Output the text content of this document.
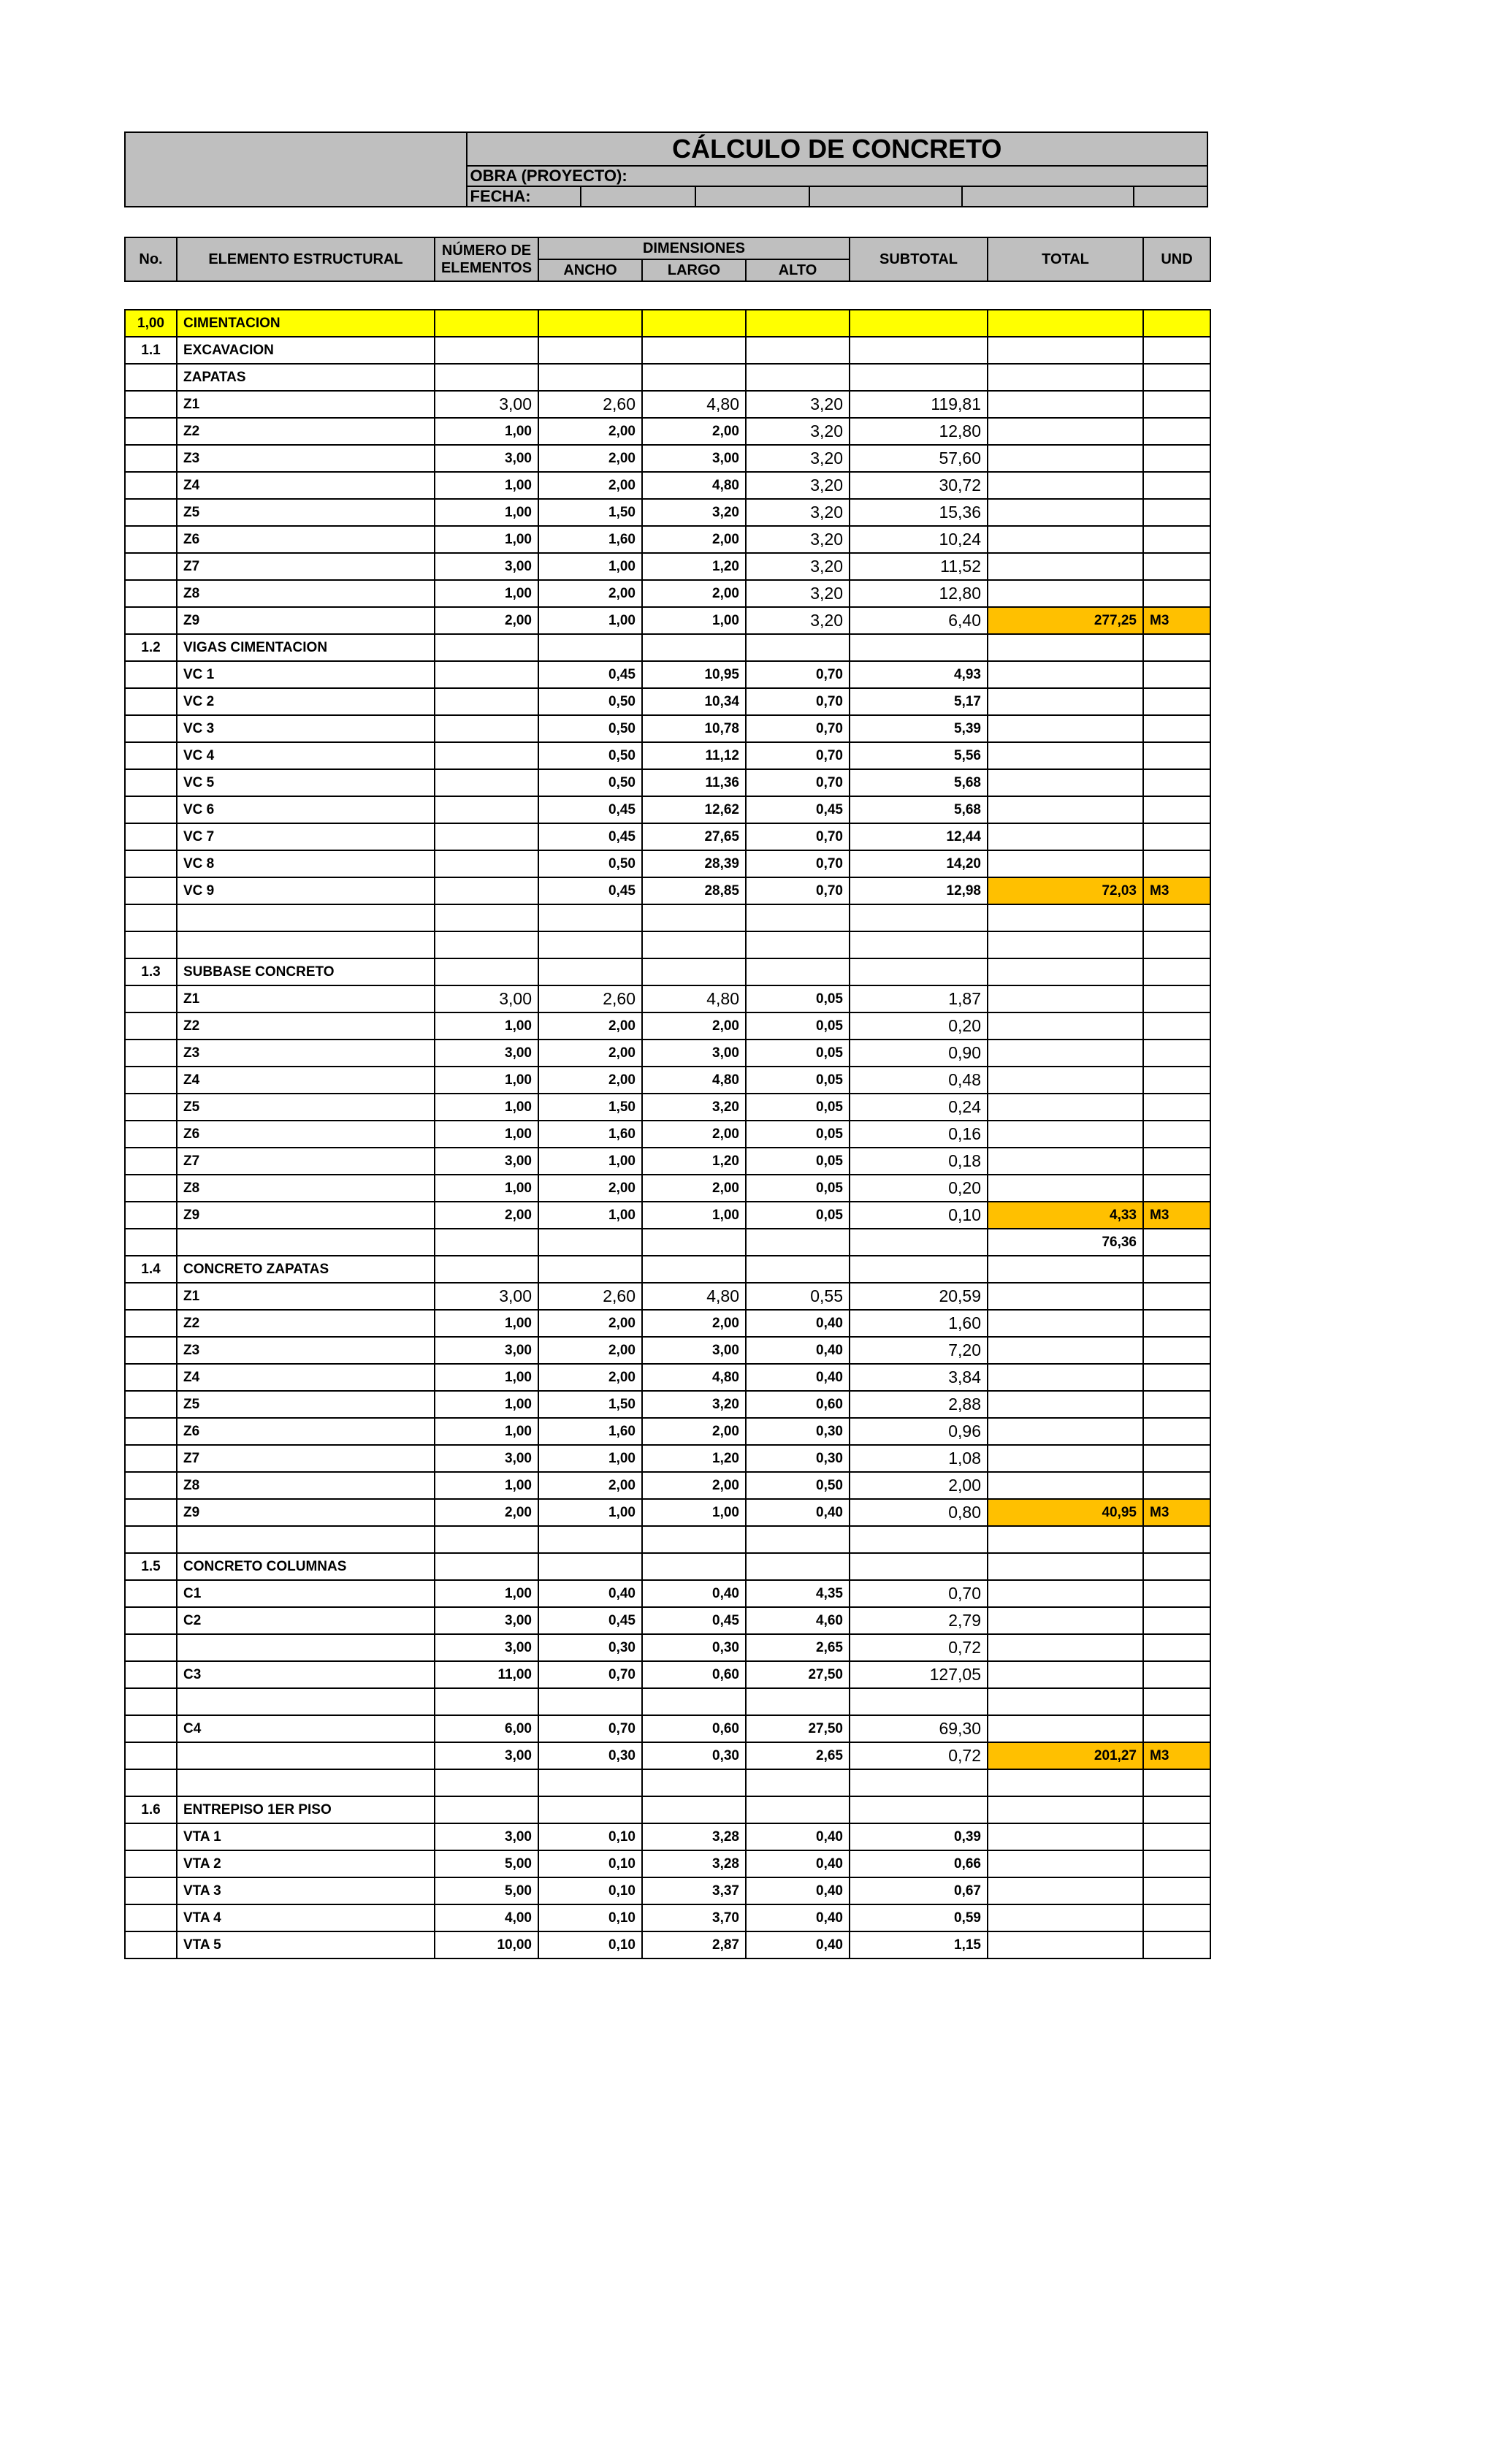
	CÁLCULO DE CONCRETO					
	OBRA (PROYECTO):					
	FECHA:					
No.	ELEMENTO ESTRUCTURAL	NÚMERO DE ELEMENTOS	DIMENSIONES			SUBTOTAL	TOTAL	UND
			ANCHO	LARGO	ALTO			
1,00	CIMENTACION							
1.1	EXCAVACION							
	ZAPATAS							
	Z1	3,00	2,60	4,80	3,20	119,81		
	Z2	1,00	2,00	2,00	3,20	12,80		
	Z3	3,00	2,00	3,00	3,20	57,60		
	Z4	1,00	2,00	4,80	3,20	30,72		
	Z5	1,00	1,50	3,20	3,20	15,36		
	Z6	1,00	1,60	2,00	3,20	10,24		
	Z7	3,00	1,00	1,20	3,20	11,52		
	Z8	1,00	2,00	2,00	3,20	12,80		
	Z9	2,00	1,00	1,00	3,20	6,40	277,25	M3
1.2	VIGAS CIMENTACION							
	VC 1		0,45	10,95	0,70	4,93		
	VC 2		0,50	10,34	0,70	5,17		
	VC 3		0,50	10,78	0,70	5,39		
	VC 4		0,50	11,12	0,70	5,56		
	VC 5		0,50	11,36	0,70	5,68		
	VC 6		0,45	12,62	0,45	5,68		
	VC 7		0,45	27,65	0,70	12,44		
	VC 8		0,50	28,39	0,70	14,20		
	VC 9		0,45	28,85	0,70	12,98	72,03	M3

1.3	SUBBASE CONCRETO							
	Z1	3,00	2,60	4,80	0,05	1,87		
	Z2	1,00	2,00	2,00	0,05	0,20		
	Z3	3,00	2,00	3,00	0,05	0,90		
	Z4	1,00	2,00	4,80	0,05	0,48		
	Z5	1,00	1,50	3,20	0,05	0,24		
	Z6	1,00	1,60	2,00	0,05	0,16		
	Z7	3,00	1,00	1,20	0,05	0,18		
	Z8	1,00	2,00	2,00	0,05	0,20		
	Z9	2,00	1,00	1,00	0,05	0,10	4,33	M3
							76,36	
1.4	CONCRETO ZAPATAS							
	Z1	3,00	2,60	4,80	0,55	20,59		
	Z2	1,00	2,00	2,00	0,40	1,60		
	Z3	3,00	2,00	3,00	0,40	7,20		
	Z4	1,00	2,00	4,80	0,40	3,84		
	Z5	1,00	1,50	3,20	0,60	2,88		
	Z6	1,00	1,60	2,00	0,30	0,96		
	Z7	3,00	1,00	1,20	0,30	1,08		
	Z8	1,00	2,00	2,00	0,50	2,00		
	Z9	2,00	1,00	1,00	0,40	0,80	40,95	M3

1.5	CONCRETO COLUMNAS							
	C1	1,00	0,40	0,40	4,35	0,70		
	C2	3,00	0,45	0,45	4,60	2,79		
		3,00	0,30	0,30	2,65	0,72		
	C3	11,00	0,70	0,60	27,50	127,05		

	C4	6,00	0,70	0,60	27,50	69,30		
		3,00	0,30	0,30	2,65	0,72	201,27	M3

1.6	ENTREPISO 1ER PISO							
	VTA 1	3,00	0,10	3,28	0,40	0,39		
	VTA 2	5,00	0,10	3,28	0,40	0,66		
	VTA 3	5,00	0,10	3,37	0,40	0,67		
	VTA 4	4,00	0,10	3,70	0,40	0,59		
	VTA 5	10,00	0,10	2,87	0,40	1,15		
